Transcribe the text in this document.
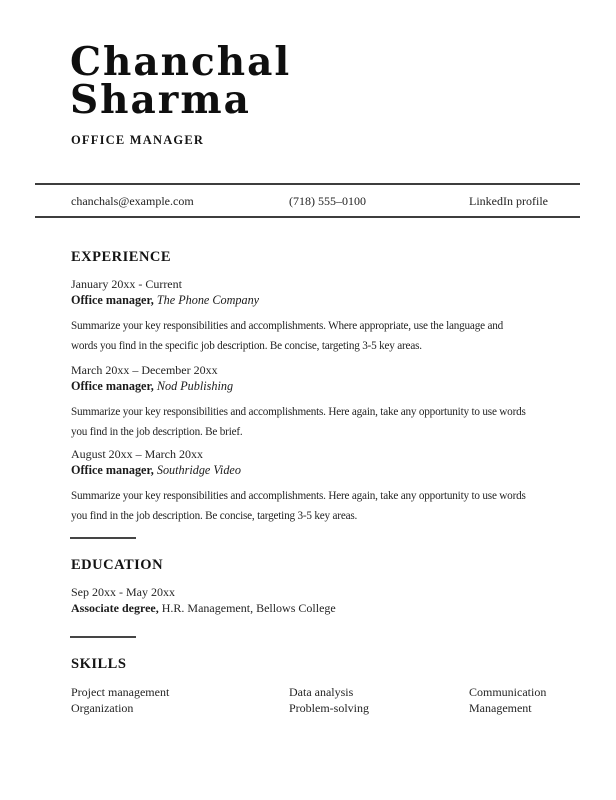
Chanchal
Sharma
OFFICE MANAGER
chanchals@example.com	(718) 555–0100	LinkedIn profile
EXPERIENCE
January 20xx - Current
Office manager, The Phone Company
Summarize your key responsibilities and accomplishments. Where appropriate, use the language and
words you find in the specific job description. Be concise, targeting 3-5 key areas.
March 20xx – December 20xx
Office manager, Nod Publishing
Summarize your key responsibilities and accomplishments. Here again, take any opportunity to use words
you find in the job description. Be brief.
August 20xx – March 20xx
Office manager, Southridge Video
Summarize your key responsibilities and accomplishments. Here again, take any opportunity to use words
you find in the job description. Be concise, targeting 3-5 key areas.
EDUCATION
Sep 20xx - May 20xx
Associate degree, H.R. Management, Bellows College
SKILLS
Project management	Data analysis	Communication
Organization	Problem-solving	Management
